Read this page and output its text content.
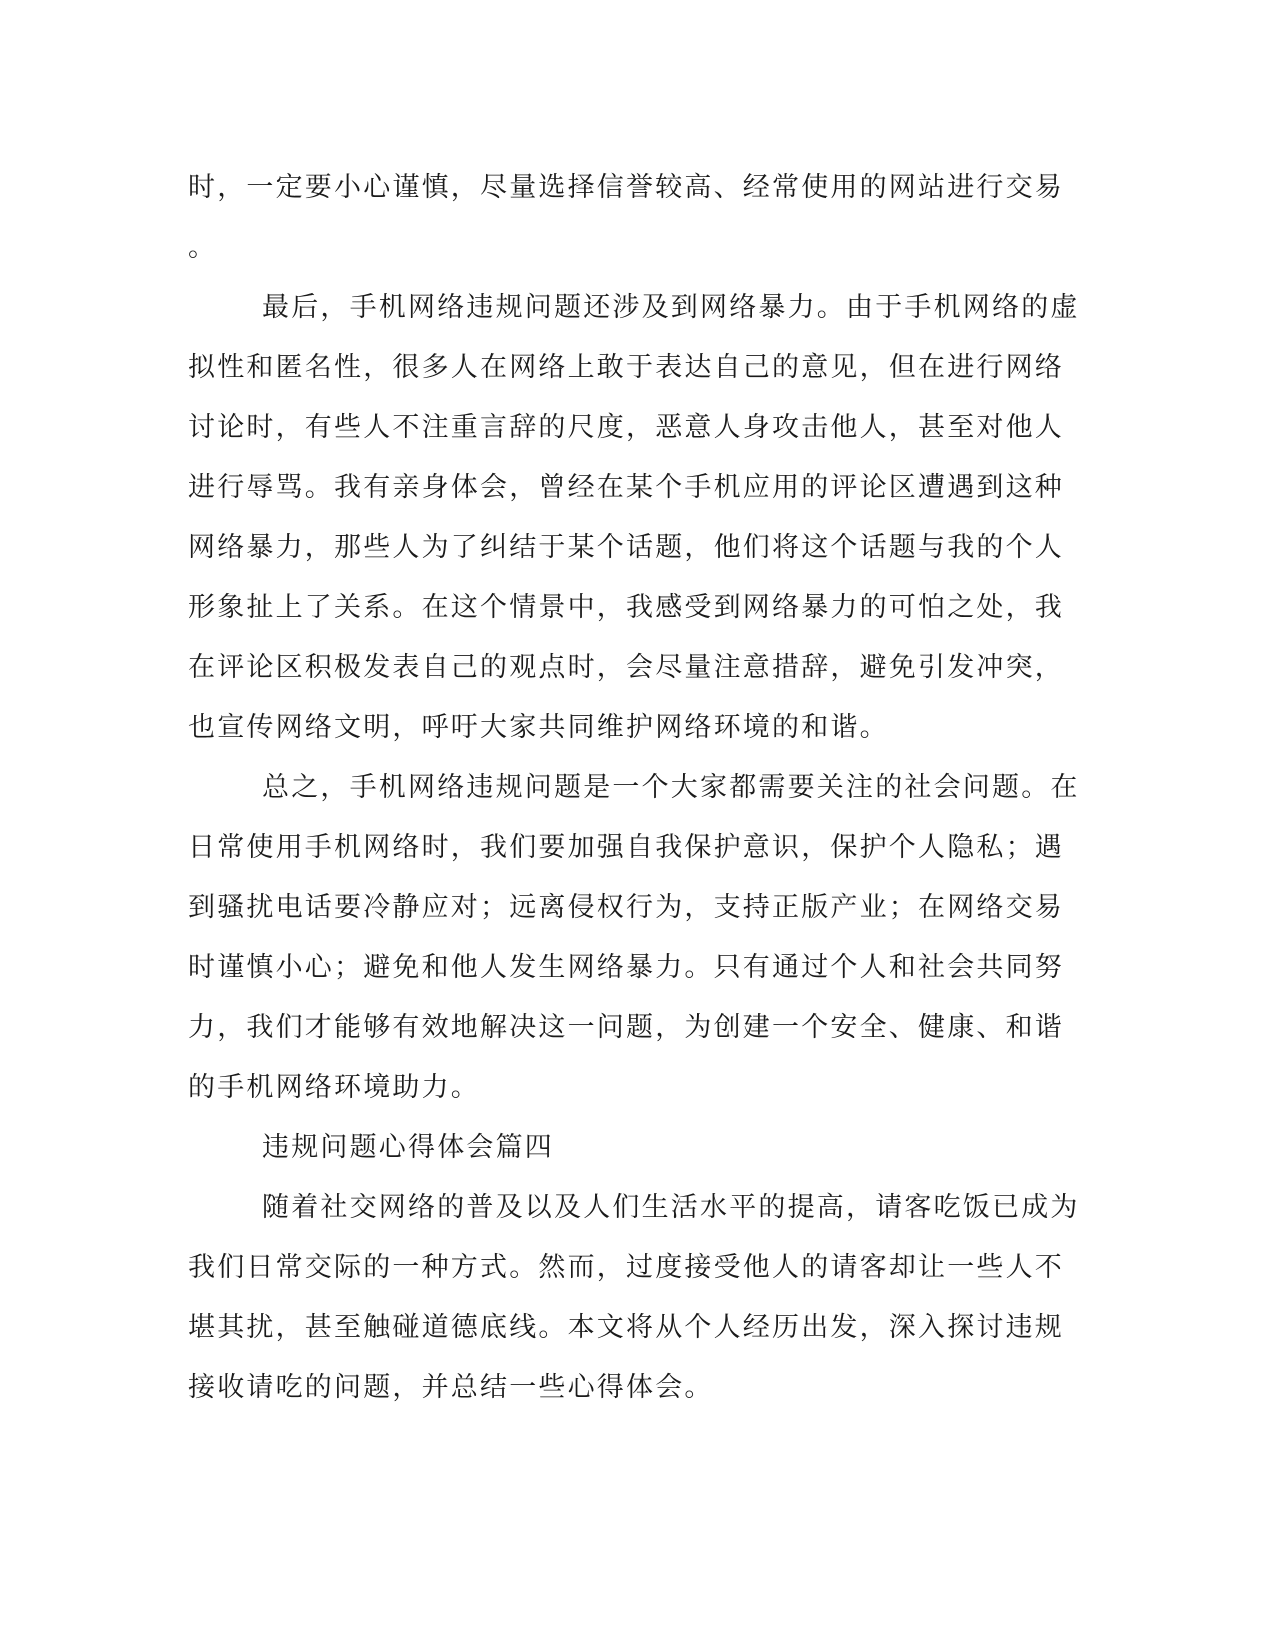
时，一定要小心谨慎，尽量选择信誉较高、经常使用的网站进行交易
。
最后，手机网络违规问题还涉及到网络暴力。由于手机网络的虚
拟性和匿名性，很多人在网络上敢于表达自己的意见，但在进行网络
讨论时，有些人不注重言辞的尺度，恶意人身攻击他人，甚至对他人
进行辱骂。我有亲身体会，曾经在某个手机应用的评论区遭遇到这种
网络暴力，那些人为了纠结于某个话题，他们将这个话题与我的个人
形象扯上了关系。在这个情景中，我感受到网络暴力的可怕之处，我
在评论区积极发表自己的观点时，会尽量注意措辞，避免引发冲突，
也宣传网络文明，呼吁大家共同维护网络环境的和谐。
总之，手机网络违规问题是一个大家都需要关注的社会问题。在
日常使用手机网络时，我们要加强自我保护意识，保护个人隐私；遇
到骚扰电话要冷静应对；远离侵权行为，支持正版产业；在网络交易
时谨慎小心；避免和他人发生网络暴力。只有通过个人和社会共同努
力，我们才能够有效地解决这一问题，为创建一个安全、健康、和谐
的手机网络环境助力。
违规问题心得体会篇四
随着社交网络的普及以及人们生活水平的提高，请客吃饭已成为
我们日常交际的一种方式。然而，过度接受他人的请客却让一些人不
堪其扰，甚至触碰道德底线。本文将从个人经历出发，深入探讨违规
接收请吃的问题，并总结一些心得体会。
